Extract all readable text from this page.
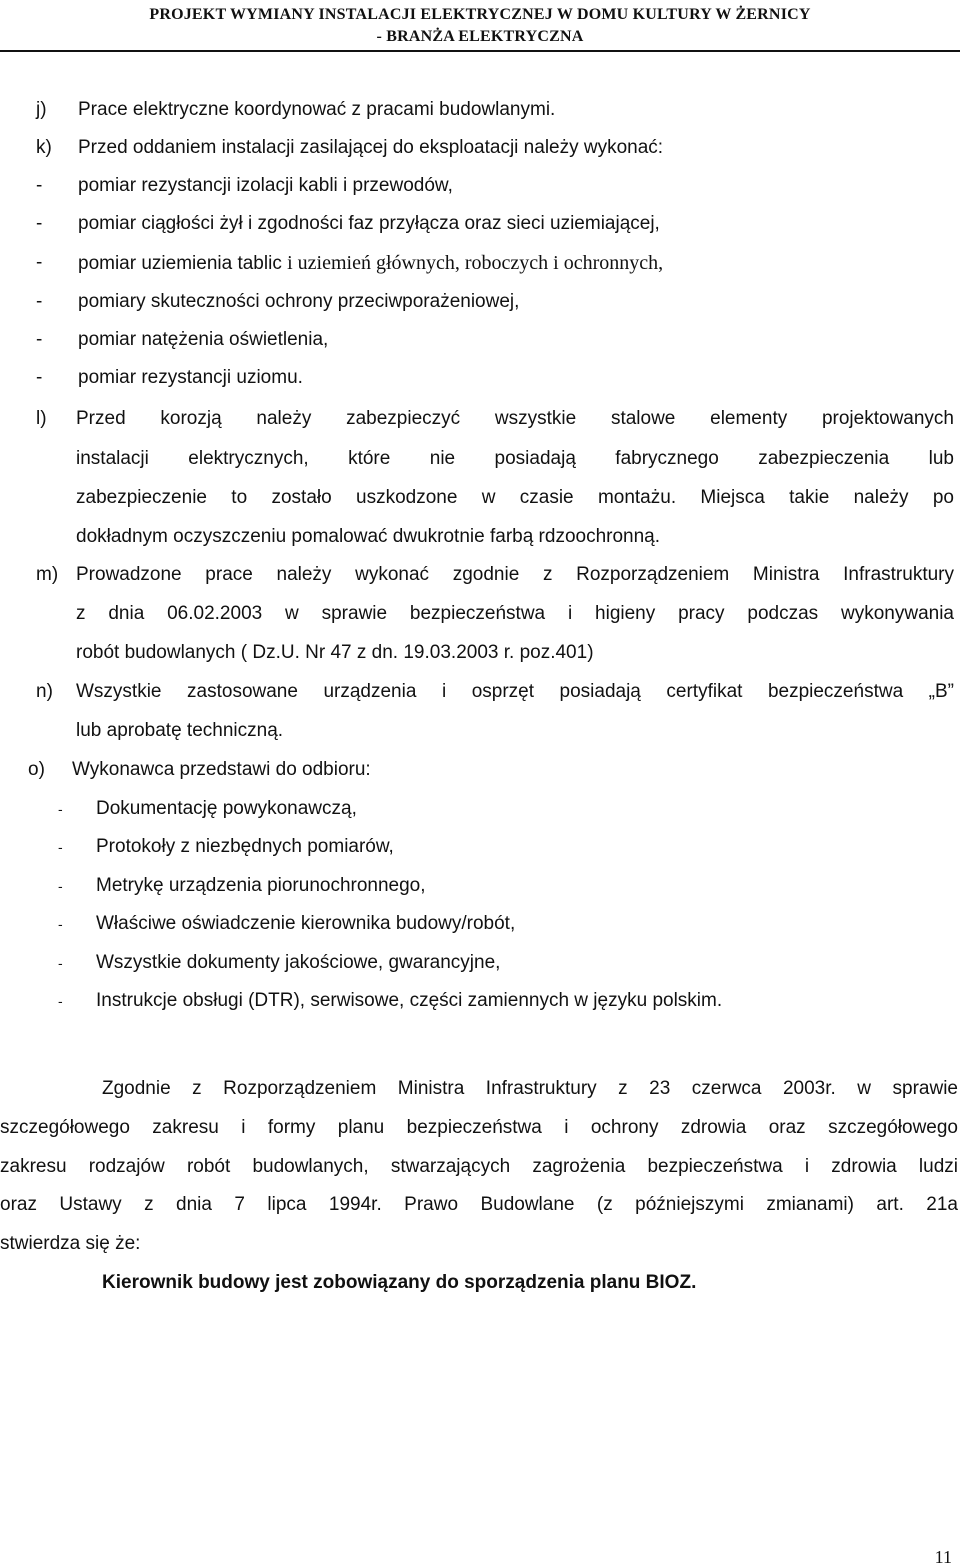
PROJEKT WYMIANY INSTALACJI ELEKTRYCZNEJ W DOMU KULTURY W ŻERNICY
- BRANŻA ELEKTRYCZNA
j) Prace elektryczne koordynować z pracami budowlanymi.
k) Przed oddaniem instalacji zasilającej do eksploatacji należy wykonać:
- pomiar rezystancji izolacji kabli i przewodów,
- pomiar ciągłości żył i zgodności faz przyłącza oraz sieci uziemiającej,
- pomiar uziemienia tablic i uziemień głównych, roboczych i ochronnych,
- pomiary skuteczności ochrony przeciwporażeniowej,
- pomiar natężenia oświetlenia,
- pomiar rezystancji uziomu.
l) Przed korozją należy zabezpieczyć wszystkie stalowe elementy projektowanych
instalacji elektrycznych, które nie posiadają fabrycznego zabezpieczenia lub
zabezpieczenie to zostało uszkodzone w czasie montażu. Miejsca takie należy po
dokładnym oczyszczeniu pomalować dwukrotnie farbą rdzoochronną.
m) Prowadzone prace należy wykonać zgodnie z Rozporządzeniem Ministra Infrastruktury
z dnia 06.02.2003 w sprawie bezpieczeństwa i higieny pracy podczas wykonywania
robót budowlanych ( Dz.U. Nr 47 z dn. 19.03.2003 r. poz.401)
n) Wszystkie zastosowane urządzenia i osprzęt posiadają certyfikat bezpieczeństwa „B”
lub aprobatę techniczną.
o) Wykonawca przedstawi do odbioru:
- Dokumentację powykonawczą,
- Protokoły z niezbędnych pomiarów,
- Metrykę urządzenia piorunochronnego,
- Właściwe oświadczenie kierownika budowy/robót,
- Wszystkie dokumenty jakościowe, gwarancyjne,
- Instrukcje obsługi (DTR), serwisowe, części zamiennych w języku polskim.
Zgodnie z Rozporządzeniem Ministra Infrastruktury z 23 czerwca 2003r. w sprawie
szczegółowego zakresu i formy planu bezpieczeństwa i ochrony zdrowia oraz szczegółowego
zakresu rodzajów robót budowlanych, stwarzających zagrożenia bezpieczeństwa i zdrowia ludzi
oraz Ustawy z dnia 7 lipca 1994r. Prawo Budowlane (z późniejszymi zmianami) art. 21a
stwierdza się że:
Kierownik budowy jest zobowiązany do sporządzenia planu BIOZ.
11
